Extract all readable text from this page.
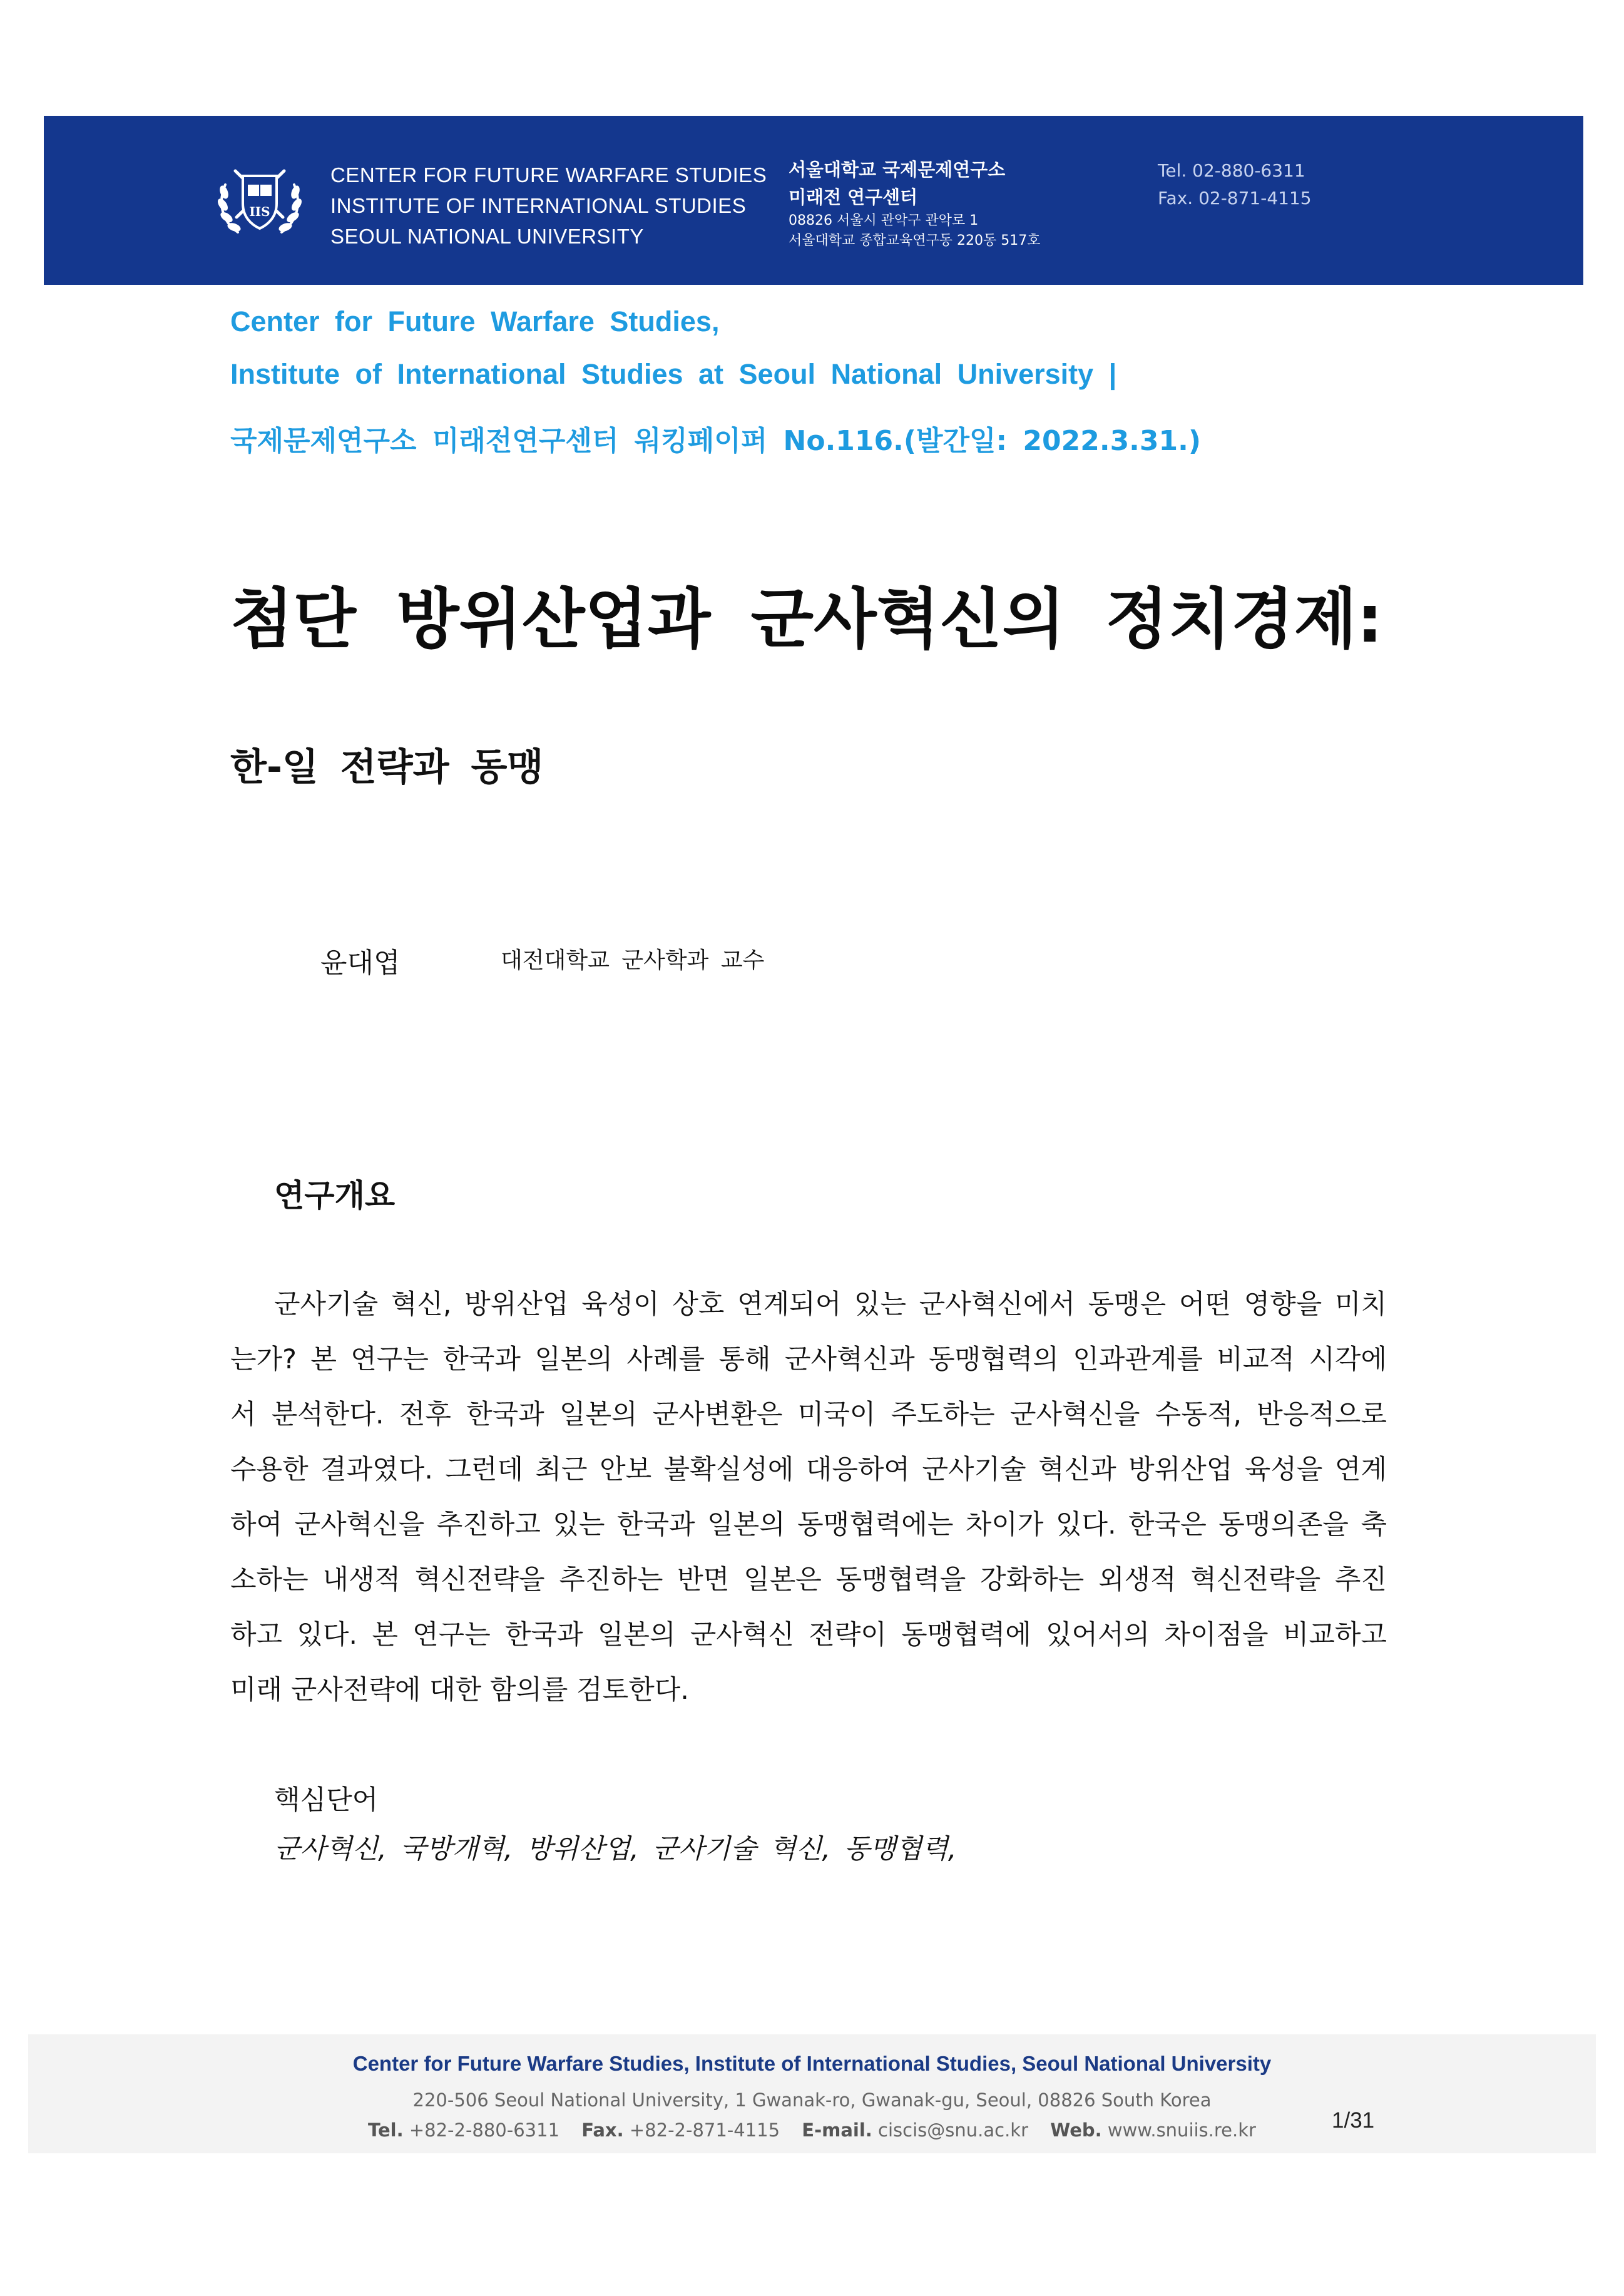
IIS
CENTER FOR FUTURE WARFARE STUDIES
INSTITUTE OF INTERNATIONAL STUDIES
SEOUL NATIONAL UNIVERSITY
서울대학교 국제문제연구소
미래전 연구센터
08826 서울시 관악구 관악로 1
서울대학교 종합교육연구동 220동 517호
Tel. 02-880-6311
Fax. 02-871-4115
Center for Future Warfare Studies,
Institute of International Studies at Seoul National University |
국제문제연구소 미래전연구센터 워킹페이퍼 No.116.(발간일: 2022.3.31.)
첨단 방위산업과 군사혁신의 정치경제:
한-일 전략과 동맹
윤대엽	대전대학교 군사학과 교수
연구개요
군사기술 혁신, 방위산업 육성이 상호 연계되어 있는 군사혁신에서 동맹은 어떤 영향을 미치
는가? 본 연구는 한국과 일본의 사례를 통해 군사혁신과 동맹협력의 인과관계를 비교적 시각에
서 분석한다. 전후 한국과 일본의 군사변환은 미국이 주도하는 군사혁신을 수동적, 반응적으로
수용한 결과였다. 그런데 최근 안보 불확실성에 대응하여 군사기술 혁신과 방위산업 육성을 연계
하여 군사혁신을 추진하고 있는 한국과 일본의 동맹협력에는 차이가 있다. 한국은 동맹의존을 축
소하는 내생적 혁신전략을 추진하는 반면 일본은 동맹협력을 강화하는 외생적 혁신전략을 추진
하고 있다. 본 연구는 한국과 일본의 군사혁신 전략이 동맹협력에 있어서의 차이점을 비교하고
미래 군사전략에 대한 함의를 검토한다.
핵심단어
군사혁신, 국방개혁, 방위산업, 군사기술 혁신, 동맹협력,
Center for Future Warfare Studies, Institute of International Studies, Seoul National University
220-506 Seoul National University, 1 Gwanak-ro, Gwanak-gu, Seoul, 08826 South Korea
Tel. +82-2-880-6311 Fax. +82-2-871-4115 E-mail. ciscis@snu.ac.kr Web. www.snuiis.re.kr	1/31
